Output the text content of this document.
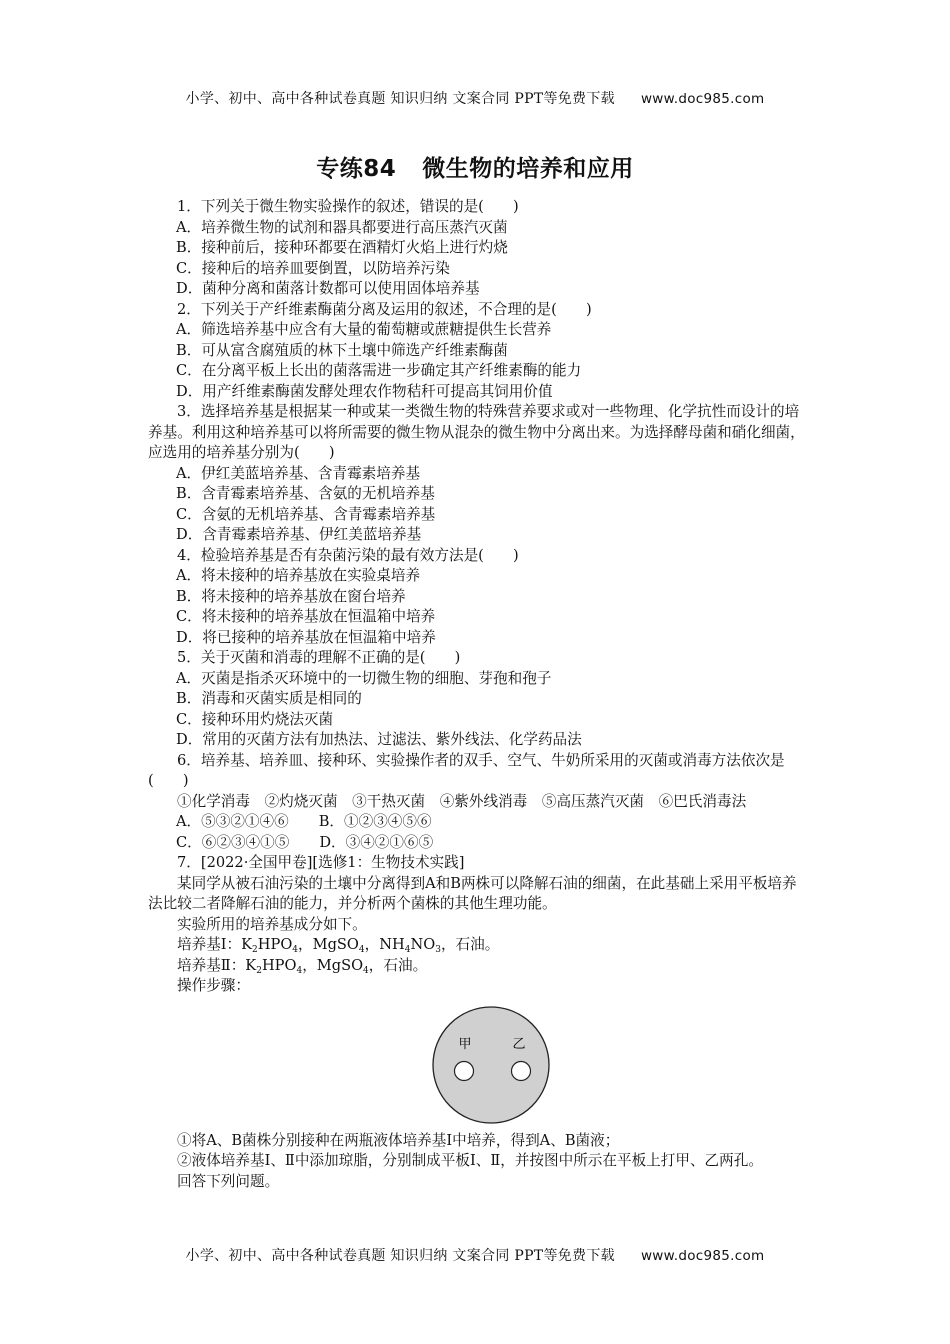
小学、初中、高中各种试卷真题 知识归纳 文案合同 PPT等免费下载 www.doc985.com
专练84 微生物的培养和应用

1．下列关于微生物实验操作的叙述，错误的是(　　)

A．培养微生物的试剂和器具都要进行高压蒸汽灭菌

B．接种前后，接种环都要在酒精灯火焰上进行灼烧

C．接种后的培养皿要倒置，以防培养污染

D．菌种分离和菌落计数都可以使用固体培养基

2．下列关于产纤维素酶菌分离及运用的叙述，不合理的是(　　)

A．筛选培养基中应含有大量的葡萄糖或蔗糖提供生长营养

B．可从富含腐殖质的林下土壤中筛选产纤维素酶菌

C．在分离平板上长出的菌落需进一步确定其产纤维素酶的能力

D．用产纤维素酶菌发酵处理农作物秸秆可提高其饲用价值

3．选择培养基是根据某一种或某一类微生物的特殊营养要求或对一些物理、化学抗性而设计的培养基。利用这种培养基可以将所需要的微生物从混杂的微生物中分离出来。为选择酵母菌和硝化细菌，应选用的培养基分别为(　　)

A．伊红美蓝培养基、含青霉素培养基

B．含青霉素培养基、含氨的无机培养基

C．含氨的无机培养基、含青霉素培养基

D．含青霉素培养基、伊红美蓝培养基

4．检验培养基是否有杂菌污染的最有效方法是(　　)

A．将未接种的培养基放在实验桌培养

B．将未接种的培养基放在窗台培养

C．将未接种的培养基放在恒温箱中培养

D．将已接种的培养基放在恒温箱中培养

5．关于灭菌和消毒的理解不正确的是(　　)

A．灭菌是指杀灭环境中的一切微生物的细胞、芽孢和孢子

B．消毒和灭菌实质是相同的

C．接种环用灼烧法灭菌

D．常用的灭菌方法有加热法、过滤法、紫外线法、化学药品法

6．培养基、培养皿、接种环、实验操作者的双手、空气、牛奶所采用的灭菌或消毒方法依次是(　　)

①化学消毒　②灼烧灭菌　③干热灭菌　④紫外线消毒　⑤高压蒸汽灭菌　⑥巴氏消毒法

A．⑤③②①④⑥ B．①②③④⑤⑥

C．⑥②③④①⑤ D．③④②①⑥⑤

7．[2022·全国甲卷][选修1：生物技术实践]

某同学从被石油污染的土壤中分离得到A和B两株可以降解石油的细菌，在此基础上采用平板培养法比较二者降解石油的能力，并分析两个菌株的其他生理功能。

实验所用的培养基成分如下。

培养基Ⅰ：$K_2HPO_4$，MgSO$_4$，$NH_4NO_3$，石油。

培养基Ⅱ：$K_2HPO_4$，MgSO$_4$，石油。

操作步骤：

甲	乙

①将A、B菌株分别接种在两瓶液体培养基Ⅰ中培养，得到A、B菌液；

②液体培养基Ⅰ、Ⅱ中添加琼脂，分别制成平板Ⅰ、Ⅱ，并按图中所示在平板上打甲、乙两孔。

回答下列问题。

小学、初中、高中各种试卷真题 知识归纳 文案合同 PPT等免费下载 www.doc985.com
